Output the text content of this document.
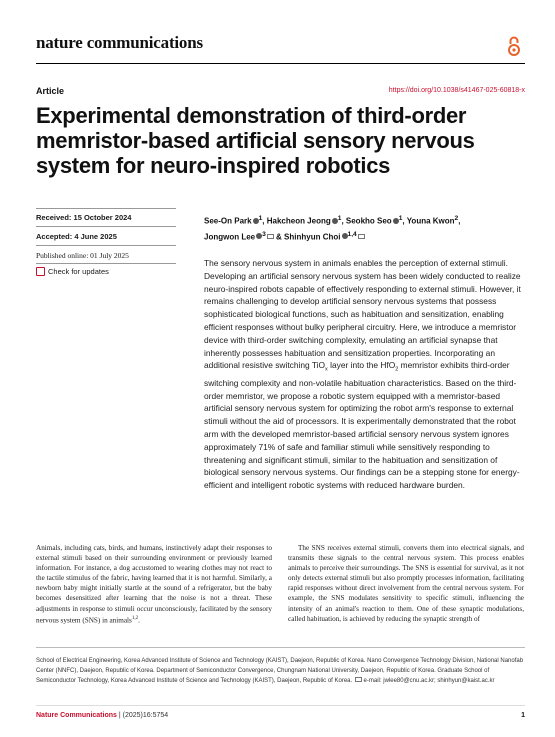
nature communications
Article	https://doi.org/10.1038/s41467-025-60818-x
Experimental demonstration of third-order memristor-based artificial sensory nervous system for neuro-inspired robotics
Received: 15 October 2024
Accepted: 4 June 2025
Published online: 01 July 2025
Check for updates
See-On Park $^1$, Hakcheon Jeong $^1$, Seokho Seo $^1$, Youna Kwon$^2$,
Jongwon Lee $^3$ & Shinhyun Choi $^{1,4}$
The sensory nervous system in animals enables the perception of external stimuli. Developing an artificial sensory nervous system has been widely conducted to realize neuro-inspired robots capable of effectively responding to external stimuli. However, it remains challenging to develop artificial sensory nervous systems that possess sophisticated biological functions, such as habituation and sensitization, enabling efficient responses without bulky peripheral circuitry. Here, we introduce a memristor device with third-order switching complexity, emulating an artificial synapse that inherently possesses habituation and sensitization properties. Incorporating an additional resistive switching TiO$_x$ layer into the HfO$_2$ memristor exhibits third-order switching complexity and non-volatile habituation characteristics. Based on the third-order memristor, we propose a robotic system equipped with a memristor-based artificial sensory nervous system for optimizing the robot arm's response to external stimuli without the aid of processors. It is experimentally demonstrated that the robot arm with the developed memristor-based artificial sensory nervous system ignores approximately 71% of safe and familiar stimuli while sensitively responding to threatening and significant stimuli, similar to the habituation and sensitization of biological sensory nervous systems. Our findings can be a stepping stone for energy-efficient and intelligent robotic systems with reduced hardware burden.
Animals, including cats, birds, and humans, instinctively adapt their responses to external stimuli based on their surrounding environment or previously learned information. For instance, a dog accustomed to wearing clothes may not react to the tactile stimulus of the fabric, having learned that it is not harmful. Similarly, a newborn baby might initially startle at the sound of a refrigerator, but the baby becomes desensitized after learning that the noise is not a threat. These adjustments in response to stimuli occur unconsciously, facilitated by the sensory nervous system (SNS) in animals$^{1,2}$.
The SNS receives external stimuli, converts them into electrical signals, and transmits these signals to the central nervous system. This process enables animals to perceive their surroundings. The SNS is essential for survival, as it not only detects external stimuli but also promptly processes information, facilitating rapid responses without direct involvement from the central nervous system. For example, the SNS modulates sensitivity to specific stimuli, influencing the intensity of an animal's reaction to them. One of these synaptic modulations, called habituation, is achieved by reducing the synaptic strength of
School of Electrical Engineering, Korea Advanced Institute of Science and Technology (KAIST), Daejeon, Republic of Korea. Nano Convergence Technology Division, National Nanofab Center (NNFC), Daejeon, Republic of Korea. Department of Semiconductor Convergence, Chungnam National University, Daejeon, Republic of Korea. Graduate School of Semiconductor Technology, Korea Advanced Institute of Science and Technology (KAIST), Daejeon, Republic of Korea. e-mail: jwlee80@cnu.ac.kr; shinhyun@kaist.ac.kr
Nature Communications | (2025)16:5754	1
